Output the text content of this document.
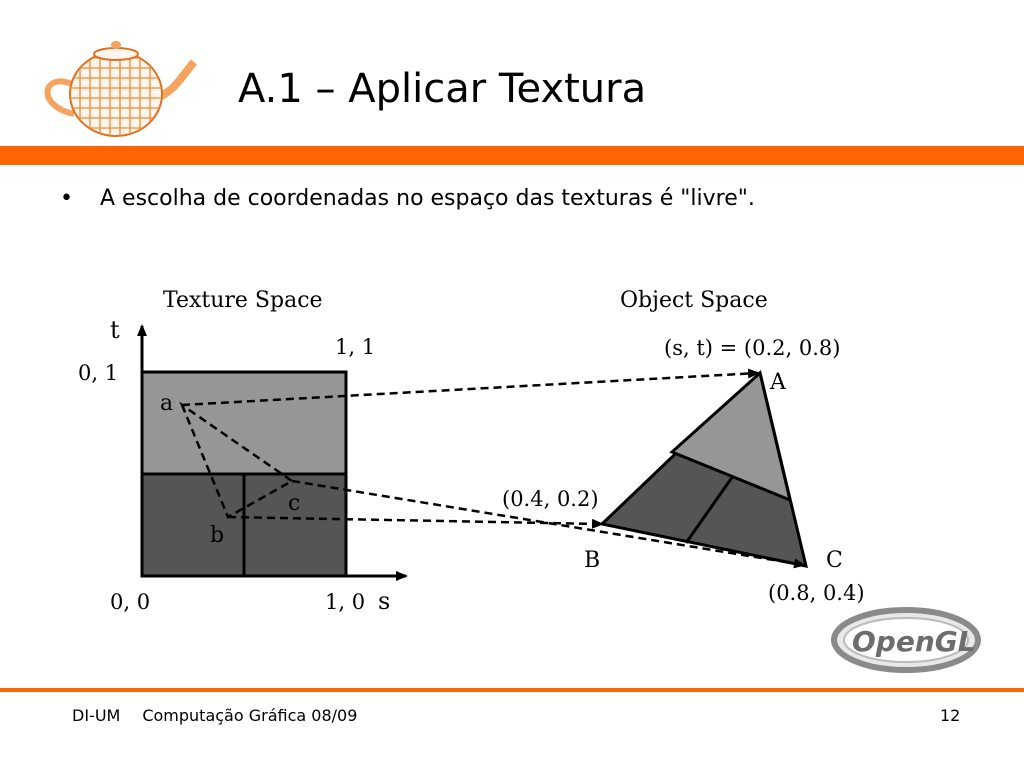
A.1 – Aplicar Textura
• A escolha de coordenadas no espaço das texturas é "livre".
Texture Space	Object Space
t
s
0, 1
1, 1
0, 0	1, 0
a
b
c
(s, t) = (0.2, 0.8)
A
(0.4, 0.2)
B	C
(0.8, 0.4)
OpenGL
DI-UM Computação Gráfica 08/09	12
